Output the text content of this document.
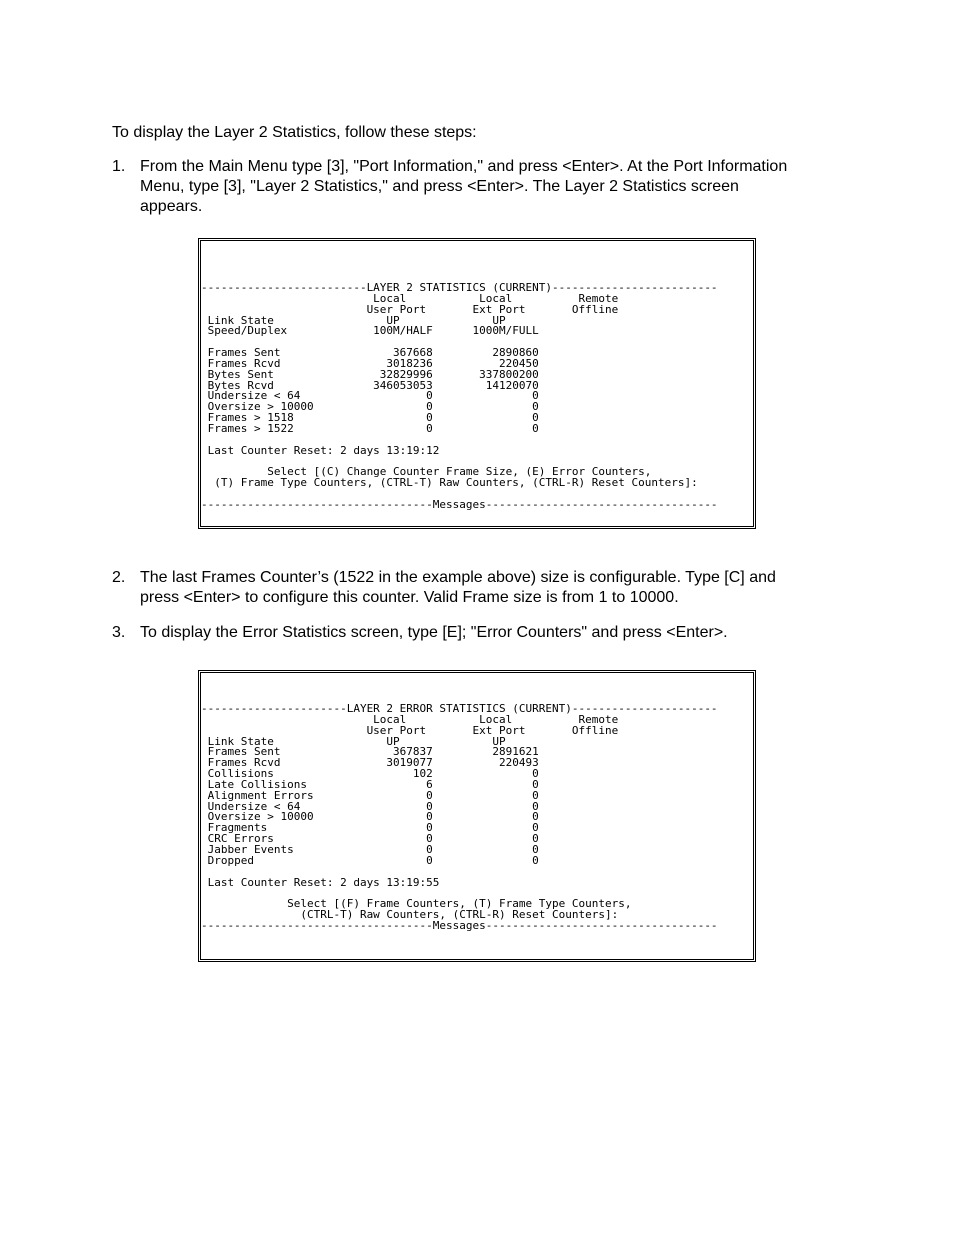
To display the Layer 2 Statistics, follow these steps:
1. From the Main Menu type [3], "Port Information," and press <Enter>. At the Port Information
Menu, type [3], "Layer 2 Statistics," and press <Enter>. The Layer 2 Statistics screen
appears.
-------------------------LAYER 2 STATISTICS (CURRENT)-------------------------
Local           Local          Remote
User Port       Ext Port       Offline
Link State                 UP              UP
Speed/Duplex             100M/HALF      1000M/FULL

Frames Sent                 367668         2890860
Frames Rcvd                3018236          220450
Bytes Sent                32829996       337800200
Bytes Rcvd               346053053        14120070
Undersize < 64                   0               0
Oversize > 10000                 0               0
Frames > 1518                    0               0
Frames > 1522                    0               0

Last Counter Reset: 2 days 13:19:12

Select [(C) Change Counter Frame Size, (E) Error Counters,
(T) Frame Type Counters, (CTRL-T) Raw Counters, (CTRL-R) Reset Counters]:

-----------------------------------Messages-----------------------------------
2. The last Frames Counter’s (1522 in the example above) size is configurable. Type [C] and
press <Enter> to configure this counter. Valid Frame size is from 1 to 10000.
3. To display the Error Statistics screen, type [E]; "Error Counters" and press <Enter>.
----------------------LAYER 2 ERROR STATISTICS (CURRENT)----------------------
Local           Local          Remote
User Port       Ext Port       Offline
Link State                 UP              UP
Frames Sent                 367837         2891621
Frames Rcvd                3019077          220493
Collisions                     102               0
Late Collisions                  6               0
Alignment Errors                 0               0
Undersize < 64                   0               0
Oversize > 10000                 0               0
Fragments                        0               0
CRC Errors                       0               0
Jabber Events                    0               0
Dropped                          0               0

Last Counter Reset: 2 days 13:19:55

Select [(F) Frame Counters, (T) Frame Type Counters,
(CTRL-T) Raw Counters, (CTRL-R) Reset Counters]:
-----------------------------------Messages-----------------------------------
